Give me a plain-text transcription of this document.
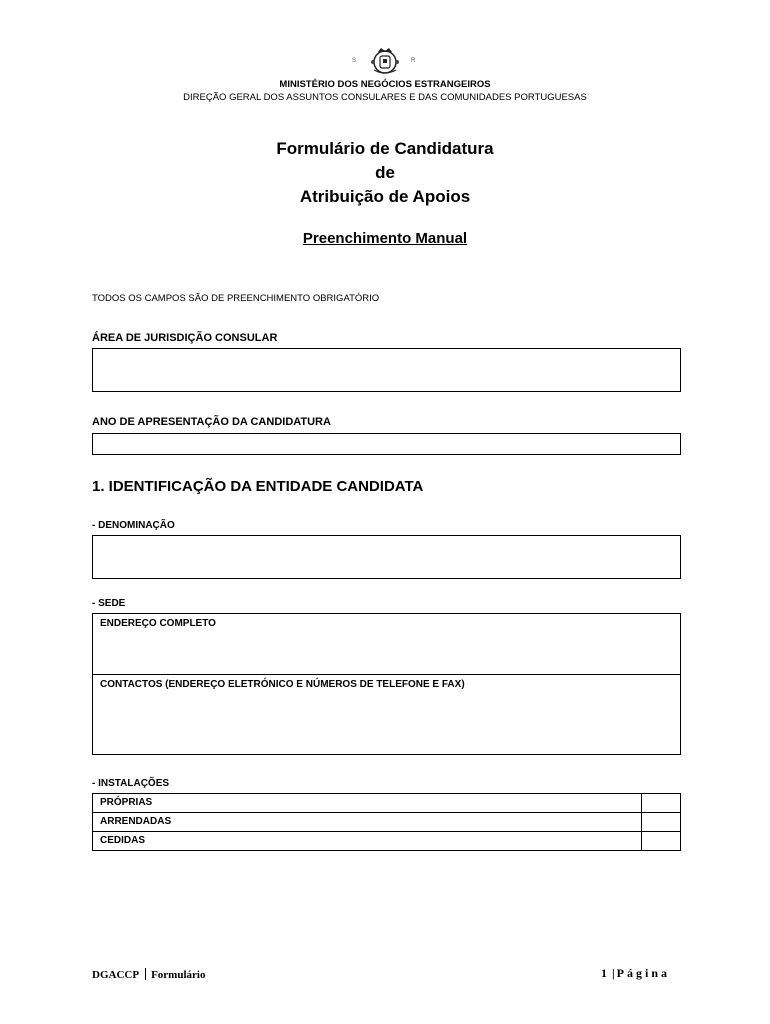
S	R
MINISTÉRIO DOS NEGÓCIOS ESTRANGEIROS
DIREÇÃO GERAL DOS ASSUNTOS CONSULARES E DAS COMUNIDADES PORTUGUESAS
Formulário de Candidatura
de
Atribuição de Apoios
Preenchimento Manual
TODOS OS CAMPOS SÃO DE PREENCHIMENTO OBRIGATÓRIO
ÁREA DE JURISDIÇÃO CONSULAR
ANO DE APRESENTAÇÃO DA CANDIDATURA
1. IDENTIFICAÇÃO DA ENTIDADE CANDIDATA
- DENOMINAÇÃO
- SEDE
ENDEREÇO COMPLETO
CONTACTOS (ENDEREÇO ELETRÓNICO E NÚMEROS DE TELEFONE E FAX)
- INSTALAÇÕES
PRÓPRIAS
ARRENDADAS
CEDIDAS
DGACCP Formulário	1 | Página
